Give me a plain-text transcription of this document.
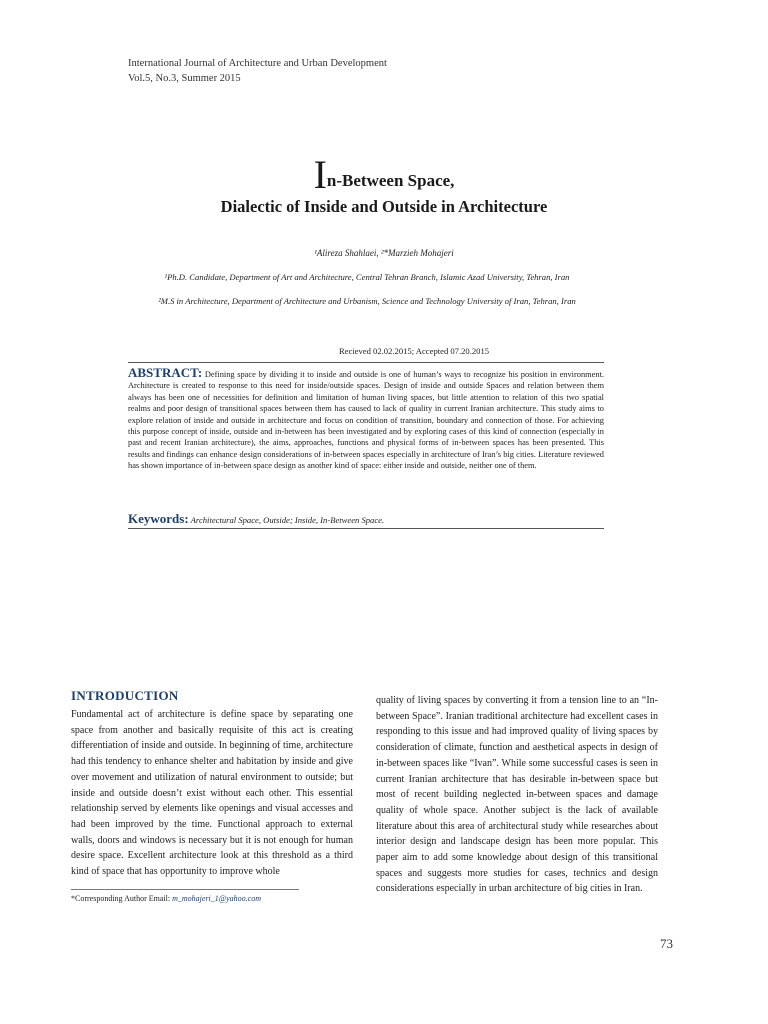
International Journal of Architecture and Urban Development
Vol.5, No.3, Summer 2015
In-Between Space,
Dialectic of Inside and Outside in Architecture
¹Alireza Shahlaei, ²*Marzieh Mohajeri
¹Ph.D. Candidate, Department of Art and Architecture, Central Tehran Branch, Islamic Azad University, Tehran, Iran
²M.S in Architecture, Department of Architecture and Urbanism, Science and Technology University of Iran, Tehran, Iran
Recieved 02.02.2015; Accepted 07.20.2015
ABSTRACT: Defining space by dividing it to inside and outside is one of human’s ways to recognize his position in environment. Architecture is created to response to this need for inside/outside spaces. Design of inside and outside Spaces and relation between them always has been one of necessities for definition and limitation of human living spaces, but little attention to relation of this two spatial realms and poor design of transitional spaces between them has caused to lack of quality in current Iranian architecture. This study aims to explore relation of inside and outside in architecture and focus on condition of transition, boundary and connection of those. For achieving this purpose concept of inside, outside and in-between has been investigated and by exploring cases of this kind of connection (especially in past and recent Iranian architecture), the aims, approaches, functions and physical forms of in-between spaces has been presented. This results and findings can enhance design considerations of in-between spaces especially in architecture of Iran’s big cities. Literature reviewed has shown importance of in-between space design as another kind of space: either inside and outside, neither one of them.
Keywords: Architectural Space, Outside; Inside, In-Between Space.
INTRODUCTION
Fundamental act of architecture is define space by separating one space from another and basically requisite of this act is creating differentiation of inside and outside. In beginning of time, architecture had this tendency to enhance shelter and habitation by inside and give over movement and utilization of natural environment to outside; but inside and outside doesn’t exist without each other. This essential relationship served by elements like openings and visual accesses and had been improved by the time. Functional approach to external walls, doors and windows is necessary but it is not enough for human desire space. Excellent architecture look at this threshold as a third kind of space that has opportunity to improve whole
quality of living spaces by converting it from a tension line to an “In-between Space”. Iranian traditional architecture had excellent cases in responding to this issue and had improved quality of living spaces by consideration of climate, function and aesthetical aspects in design of in-between spaces like “Ivan”. While some successful cases is seen in current Iranian architecture that has desirable in-between space but most of recent building neglected in-between spaces and damage quality of whole space. Another subject is the lack of available literature about this area of architectural study while researches about interior design and landscape design has been more popular. This paper aim to add some knowledge about design of this transitional spaces and suggests more studies for cases, technics and design considerations especially in urban architecture of big cities in Iran.
*Corresponding Author Email: m_mohajeri_1@yahoo.com
73
